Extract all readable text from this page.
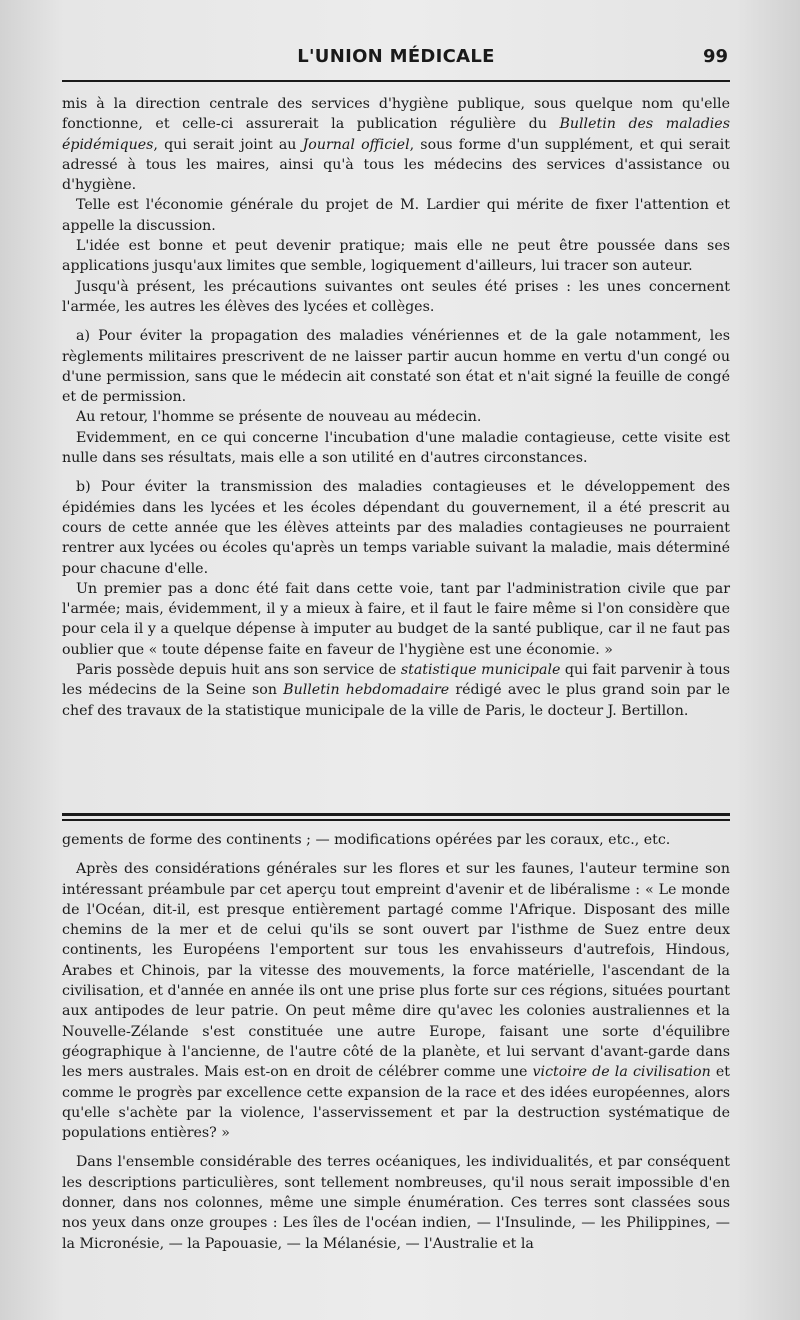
L'UNION MÉDICALE	99

mis à la direction centrale des services d'hygiène publique, sous quelque nom qu'elle fonctionne, et celle-ci assurerait la publication régulière du Bulletin des maladies épidémiques, qui serait joint au Journal officiel, sous forme d'un supplément, et qui serait adressé à tous les maires, ainsi qu'à tous les médecins des services d'assistance ou d'hygiène.

Telle est l'économie générale du projet de M. Lardier qui mérite de fixer l'attention et appelle la discussion.

L'idée est bonne et peut devenir pratique; mais elle ne peut être poussée dans ses applications jusqu'aux limites que semble, logiquement d'ailleurs, lui tracer son auteur.

Jusqu'à présent, les précautions suivantes ont seules été prises : les unes concernent l'armée, les autres les élèves des lycées et collèges.

a) Pour éviter la propagation des maladies vénériennes et de la gale notamment, les règlements militaires prescrivent de ne laisser partir aucun homme en vertu d'un congé ou d'une permission, sans que le médecin ait constaté son état et n'ait signé la feuille de congé et de permission.

Au retour, l'homme se présente de nouveau au médecin.

Evidemment, en ce qui concerne l'incubation d'une maladie contagieuse, cette visite est nulle dans ses résultats, mais elle a son utilité en d'autres circonstances.

b) Pour éviter la transmission des maladies contagieuses et le développement des épidémies dans les lycées et les écoles dépendant du gouvernement, il a été prescrit au cours de cette année que les élèves atteints par des maladies contagieuses ne pourraient rentrer aux lycées ou écoles qu'après un temps variable suivant la maladie, mais déterminé pour chacune d'elle.

Un premier pas a donc été fait dans cette voie, tant par l'administration civile que par l'armée; mais, évidemment, il y a mieux à faire, et il faut le faire même si l'on considère que pour cela il y a quelque dépense à imputer au budget de la santé publique, car il ne faut pas oublier que « toute dépense faite en faveur de l'hygiène est une économie. »

Paris possède depuis huit ans son service de statistique municipale qui fait parvenir à tous les médecins de la Seine son Bulletin hebdomadaire rédigé avec le plus grand soin par le chef des travaux de la statistique municipale de la ville de Paris, le docteur J. Bertillon.

gements de forme des continents ; — modifications opérées par les coraux, etc., etc.

Après des considérations générales sur les flores et sur les faunes, l'auteur termine son intéressant préambule par cet aperçu tout empreint d'avenir et de libéralisme : « Le monde de l'Océan, dit-il, est presque entièrement partagé comme l'Afrique. Disposant des mille chemins de la mer et de celui qu'ils se sont ouvert par l'isthme de Suez entre deux continents, les Européens l'emportent sur tous les envahisseurs d'autrefois, Hindous, Arabes et Chinois, par la vitesse des mouvements, la force matérielle, l'ascendant de la civilisation, et d'année en année ils ont une prise plus forte sur ces régions, situées pourtant aux antipodes de leur patrie. On peut même dire qu'avec les colonies australiennes et la Nouvelle-Zélande s'est constituée une autre Europe, faisant une sorte d'équilibre géographique à l'ancienne, de l'autre côté de la planète, et lui servant d'avant-garde dans les mers australes. Mais est-on en droit de célébrer comme une victoire de la civilisation et comme le progrès par excellence cette expansion de la race et des idées européennes, alors qu'elle s'achète par la violence, l'asservissement et par la destruction systématique de populations entières? »

Dans l'ensemble considérable des terres océaniques, les individualités, et par conséquent les descriptions particulières, sont tellement nombreuses, qu'il nous serait impossible d'en donner, dans nos colonnes, même une simple énumération. Ces terres sont classées sous nos yeux dans onze groupes : Les îles de l'océan indien, — l'Insulinde, — les Philippines, — la Micronésie, — la Papouasie, — la Mélanésie, — l'Australie et la
